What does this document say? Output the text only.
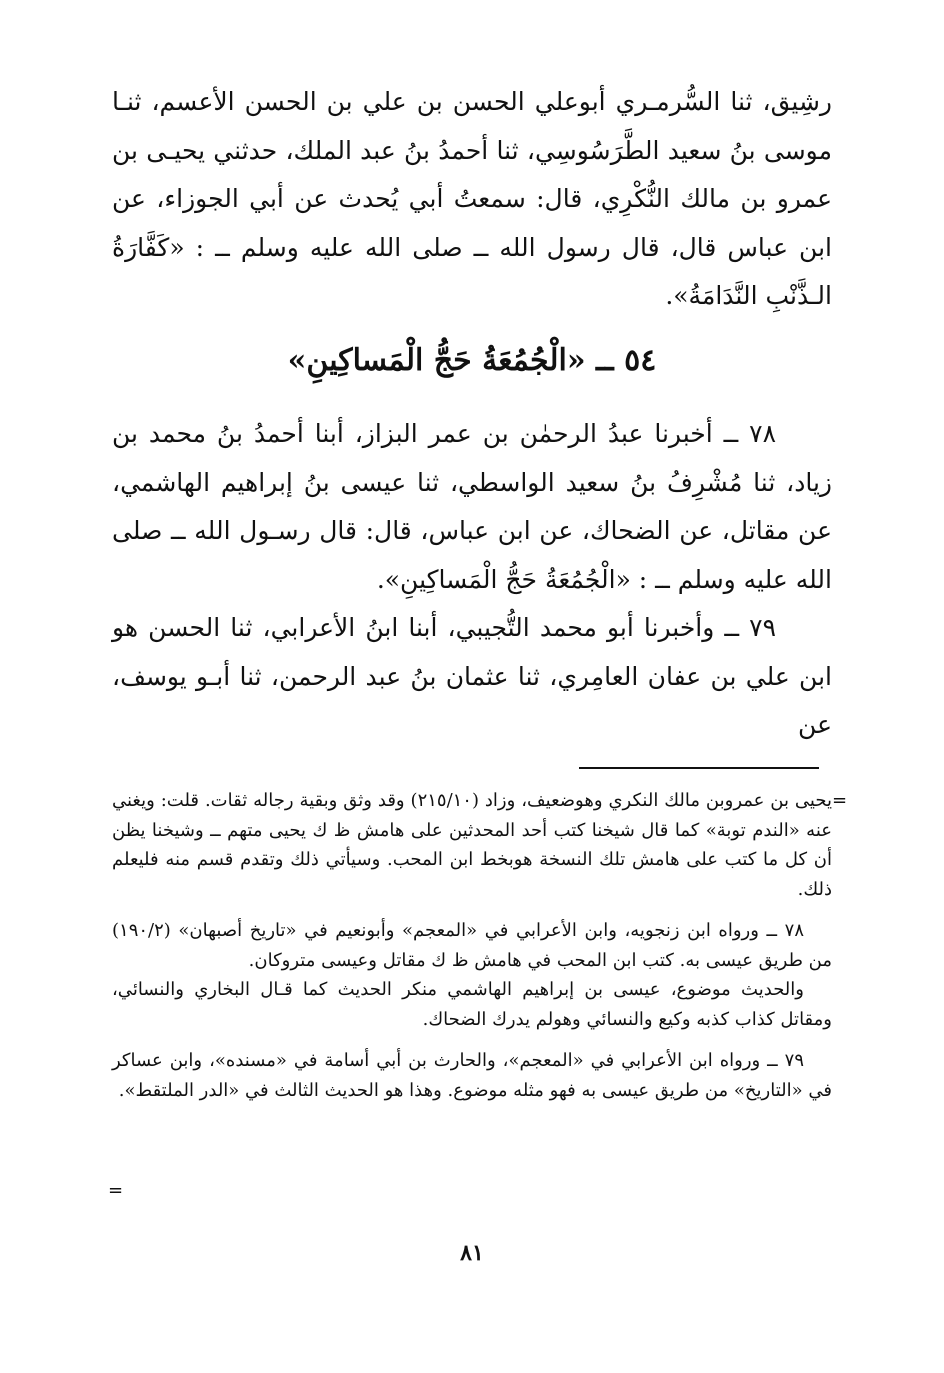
رشِيق، ثنا السُّرمـري أبوعلي الحسن بن علي بن الحسن الأعسم، ثنـا موسى بنُ سعيد الطَّرَسُوسِي، ثنا أحمدُ بنُ عبد الملك، حدثني يحيـى بن عمرو بن مالك النُّكْرِي، قال: سمعتُ أبي يُحدث عن أبي الجوزاء، عن ابن عباس قال، قال رسول الله ــ صلى الله عليه وسلم ــ : «كَفَّارَةُ الـذَّنْبِ النَّدَامَةُ».

٥٤ ــ «الْجُمُعَةُ حَجُّ الْمَساكِينِ»

٧٨ ــ أخبرنا عبدُ الرحمٰن بن عمر البزاز، أبنا أحمدُ بنُ محمد بن زياد، ثنا مُشْرِفُ بنُ سعيد الواسطي، ثنا عيسى بنُ إبراهيم الهاشمي، عن مقاتل، عن الضحاك، عن ابن عباس، قال: قال رسـول الله ــ صلى الله عليه وسلم ــ : «الْجُمُعَةُ حَجُّ الْمَساكِينِ».

٧٩ ــ وأخبرنا أبو محمد التُّجيبي، أبنا ابنُ الأعرابي، ثنا الحسن هو ابن علي بن عفان العامِري، ثنا عثمان بنُ عبد الرحمن، ثنا أبـو يوسف، عن

=

يحيى بن عمروبن مالك النكري وهوضعيف، وزاد (٢١٥/١٠) وقد وثق وبقية رجاله ثقات. قلت: ويغني عنه «الندم توبة» كما قال شيخنا كتب أحد المحدثين على هامش ظ ك يحيى متهم ــ وشيخنا يظن أن كل ما كتب على هامش تلك النسخة هوبخط ابن المحب. وسيأتي ذلك وتقدم قسم منه فليعلم ذلك.

٧٨ ــ ورواه ابن زنجويه، وابن الأعرابي في «المعجم» وأبونعيم في «تاريخ أصبهان» (١٩٠/٢) من طريق عيسى به. كتب ابن المحب في هامش ظ ك مقاتل وعيسى متروكان.

والحديث موضوع، عيسى بن إبراهيم الهاشمي منكر الحديث كما قـال البخاري والنسائي، ومقاتل كذاب كذبه وكيع والنسائي وهولم يدرك الضحاك.

٧٩ ــ ورواه ابن الأعرابي في «المعجم»، والحارث بن أبي أسامة في «مسنده»، وابن عساكر في «التاريخ» من طريق عيسى به فهو مثله موضوع. وهذا هو الحديث الثالث في «الدر الملتقط».

=
٨١
